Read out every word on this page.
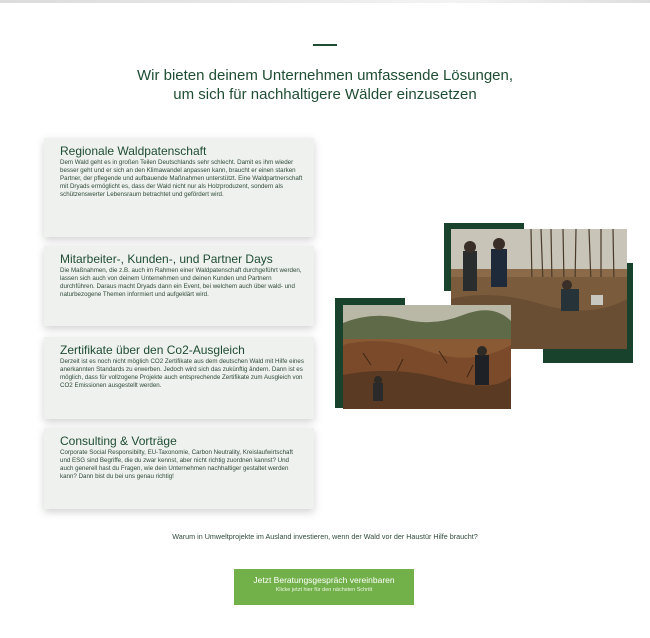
Wir bieten deinem Unternehmen umfassende Lösungen,
um sich für nachhaltigere Wälder einzusetzen
Regionale Waldpatenschaft

Dem Wald geht es in großen Teilen Deutschlands sehr schlecht. Damit es ihm wieder besser geht und er sich an den Klimawandel anpassen kann, braucht er einen starken Partner, der pflegende und aufbauende Maßnahmen unterstützt. Eine Waldpartnerschaft mit Dryads ermöglicht es, dass der Wald nicht nur als Holzproduzent, sondern als schützenswerter Lebensraum betrachtet und gefördert wird.

Mitarbeiter-, Kunden-, und Partner Days

Die Maßnahmen, die z.B. auch im Rahmen einer Waldpatenschaft durchgeführt werden, lassen sich auch von deinem Unternehmen und deinen Kunden und Partnern durchführen. Daraus macht Dryads dann ein Event, bei welchem auch über wald- und naturbezogene Themen informiert und aufgeklärt wird.

Zertifikate über den Co2-Ausgleich

Derzeit ist es noch nicht möglich CO2 Zertifikate aus dem deutschen Wald mit Hilfe eines anerkannten Standards zu erwerben. Jedoch wird sich das zukünftig ändern. Dann ist es möglich, dass für vollzogene Projekte auch entsprechende Zertifikate zum Ausgleich von CO2 Emissionen ausgestellt werden.

Consulting & Vorträge

Corporate Social Responsibilty, EU-Taxonomie, Carbon Neutrality, Kreislaufwirtschaft und ESG sind Begriffe, die du zwar kennst, aber nicht richtig zuordnen kannst? Und auch generell hast du Fragen, wie dein Unternehmen nachhaltiger gestaltet werden kann? Dann bist du bei uns genau richtig!

Warum in Umweltprojekte im Ausland investieren, wenn der Wald vor der Haustür Hilfe braucht?
Jetzt Beratungsgespräch vereinbaren
Klicke jetzt hier für den nächsten Schritt
